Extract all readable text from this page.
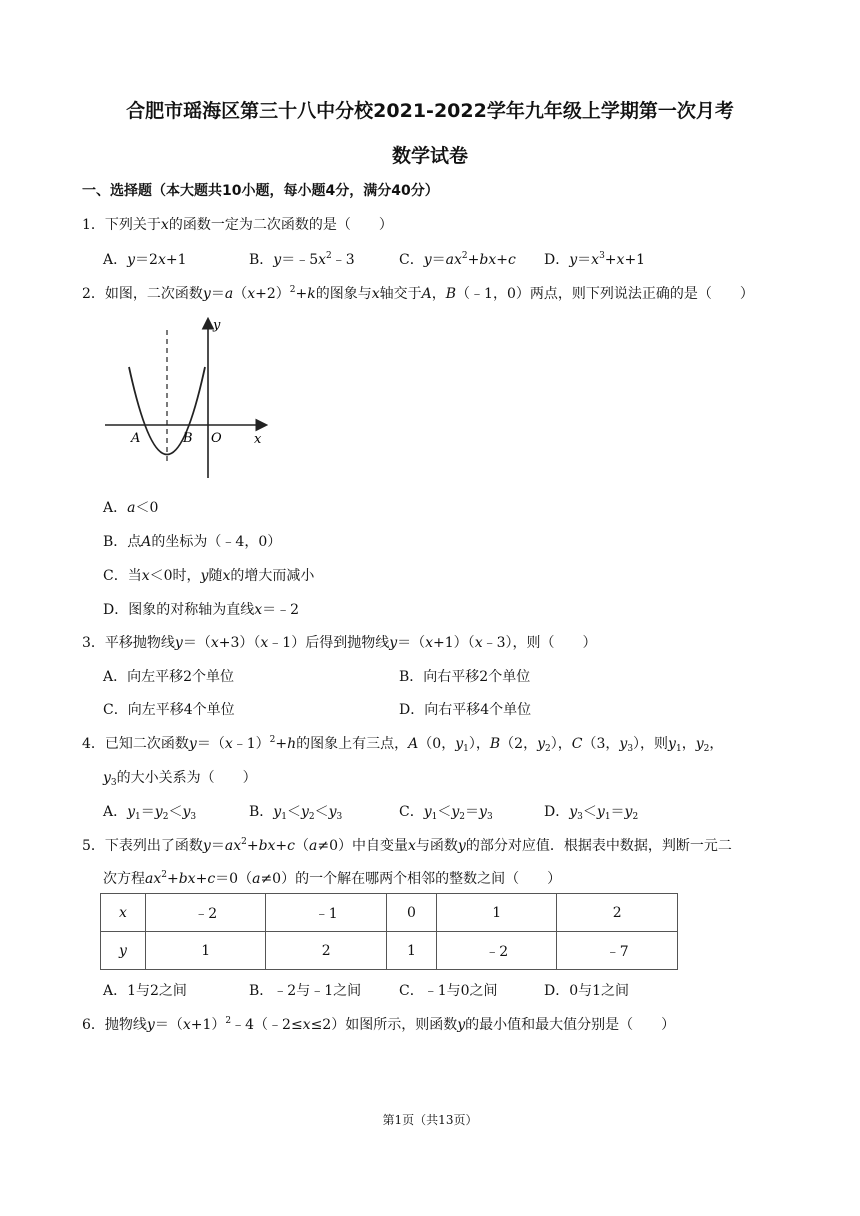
合肥市瑶海区第三十八中分校2021-2022学年九年级上学期第一次月考
数学试卷
一、选择题（本大题共10小题，每小题4分，满分40分）
1．下列关于x的函数一定为二次函数的是（　　）
A．y＝2x+1	B．$y=﹣5x^2﹣3$	C．$y=ax^2+bx+c$ D．$y=x^3+x+1$
2．如图，二次函数$y=a(x+2)^2+k$的图象与x轴交于A，B（﹣1，0）两点，则下列说法正确的是（　　）
y
x
A	B O
A．a＜0
B．点A的坐标为（﹣4，0）
C．当x＜0时，y随x的增大而减小
D．图象的对称轴为直线x＝﹣2
3．平移抛物线y＝（x+3）（x﹣1）后得到抛物线y＝（x+1）（x﹣3），则（　　）
A．向左平移2个单位	B．向右平移2个单位
C．向左平移4个单位	D．向右平移4个单位
4．已知二次函数y＝（x﹣1）$^2$+h的图象上有三点，A（0，$y_1$），B（2，$y_2$），C（3，$y_3$），则$y_1$，$y_2$，
$y_3$的大小关系为（　　）
A．$y_1=y_2<y_3$	B．$y_1<y_2<y_3$	C．$y_1<y_2=y_3$	D．$y_3<y_1=y_2$
5．下表列出了函数$y=ax^2+bx+c(a\ne 0)$中自变量x与函数y的部分对应值．根据表中数据，判断一元二
次方程$ax^2+bx+c=0(a\ne 0)$的一个解在哪两个相邻的整数之间（　　）
x	﹣2	﹣1	0	1	2
y	1	2	1	﹣2	﹣7
A．1与2之间	B．﹣2与﹣1之间	C．﹣1与0之间	D．0与1之间
6．抛物线$y=(x+1)^2﹣4(﹣2\le x\le 2)$如图所示，则函数y的最小值和最大值分别是（　　）
第1页（共13页）
